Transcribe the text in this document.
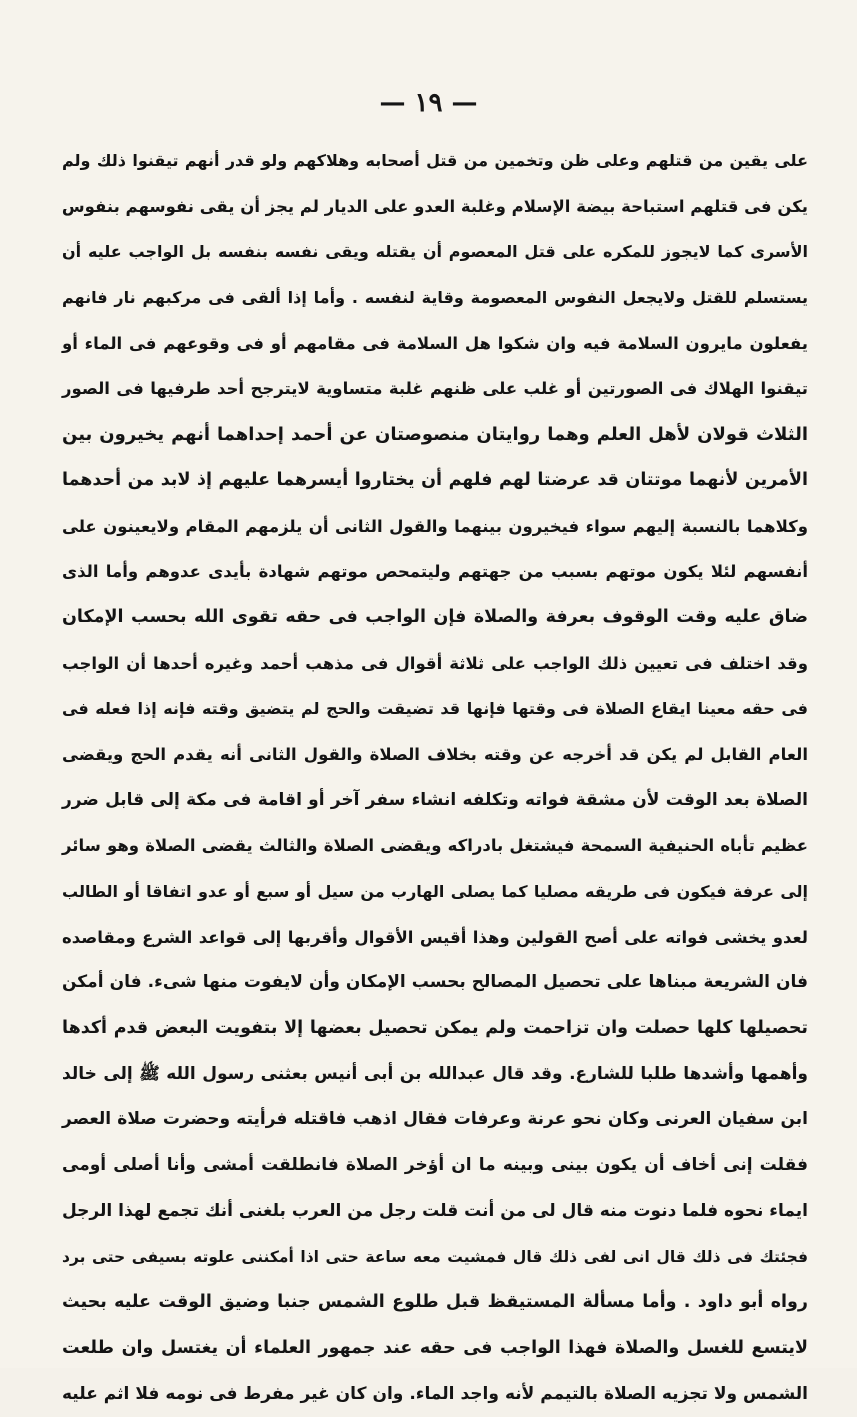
— ١٩ —
على يقين من قتلهم وعلى ظن وتخمين من قتل أصحابه وهلاكهم ولو قدر أنهم تيقنوا ذلك ولم
يكن فى قتلهم استباحة بيضة الإسلام وغلبة العدو على الديار لم يجز أن يقى نفوسهم بنفوس
الأسرى كما لايجوز للمكره على قتل المعصوم أن يقتله ويقى نفسه بنفسه بل الواجب عليه أن
يستسلم للقتل ولايجعل النفوس المعصومة وقاية لنفسه . وأما إذا ألقى فى مركبهم نار فانهم
يفعلون مايرون السلامة فيه وان شكوا هل السلامة فى مقامهم أو فى وقوعهم فى الماء أو
تيقنوا الهلاك فى الصورتين أو غلب على ظنهم غلبة متساوية لايترجح أحد طرفيها فى الصور
الثلاث قولان لأهل العلم وهما روايتان منصوصتان عن أحمد إحداهما أنهم يخيرون بين
الأمرين لأنهما موتتان قد عرضتا لهم فلهم أن يختاروا أيسرهما عليهم إذ لابد من أحدهما
وكلاهما بالنسبة إليهم سواء فيخيرون بينهما والقول الثانى أن يلزمهم المقام ولايعينون على
أنفسهم لئلا يكون موتهم بسبب من جهتهم وليتمحص موتهم شهادة بأيدى عدوهم وأما الذى
ضاق عليه وقت الوقوف بعرفة والصلاة فإن الواجب فى حقه تقوى الله بحسب الإمكان
وقد اختلف فى تعيين ذلك الواجب على ثلاثة أقوال فى مذهب أحمد وغيره أحدها أن الواجب
فى حقه معينا ايقاع الصلاة فى وقتها فإنها قد تضيقت والحج لم يتضيق وقته فإنه إذا فعله فى
العام القابل لم يكن قد أخرجه عن وقته بخلاف الصلاة والقول الثانى أنه يقدم الحج ويقضى
الصلاة بعد الوقت لأن مشقة فواته وتكلفه انشاء سفر آخر أو اقامة فى مكة إلى قابل ضرر
عظيم تأباه الحنيفية السمحة فيشتغل بادراكه ويقضى الصلاة والثالث يقضى الصلاة وهو سائر
إلى عرفة فيكون فى طريقه مصليا كما يصلى الهارب من سيل أو سبع أو عدو اتفاقا أو الطالب
لعدو يخشى فواته على أصح القولين وهذا أقيس الأقوال وأقربها إلى قواعد الشرع ومقاصده
فان الشريعة مبناها على تحصيل المصالح بحسب الإمكان وأن لايفوت منها شىء. فان أمكن
تحصيلها كلها حصلت وان تزاحمت ولم يمكن تحصيل بعضها إلا بتفويت البعض قدم أكدها
وأهمها وأشدها طلبا للشارع. وقد قال عبدالله بن أبى أنيس بعثنى رسول الله ﷺ إلى خالد
ابن سفيان العرنى وكان نحو عرنة وعرفات فقال اذهب فاقتله فرأيته وحضرت صلاة العصر
فقلت إنى أخاف أن يكون بينى وبينه ما ان أؤخر الصلاة فانطلقت أمشى وأنا أصلى أومى
ايماء نحوه فلما دنوت منه قال لى من أنت قلت رجل من العرب بلغنى أنك تجمع لهذا الرجل
فجئتك فى ذلك قال انى لفى ذلك قال فمشيت معه ساعة حتى اذا أمكننى علوته بسيفى حتى برد
رواه أبو داود . وأما مسألة المستيقظ قبل طلوع الشمس جنبا وضيق الوقت عليه بحيث
لايتسع للغسل والصلاة فهذا الواجب فى حقه عند جمهور العلماء أن يغتسل وان طلعت
الشمس ولا تجزيه الصلاة بالتيمم لأنه واجد الماء. وان كان غير مفرط فى نومه فلا اثم عليه
